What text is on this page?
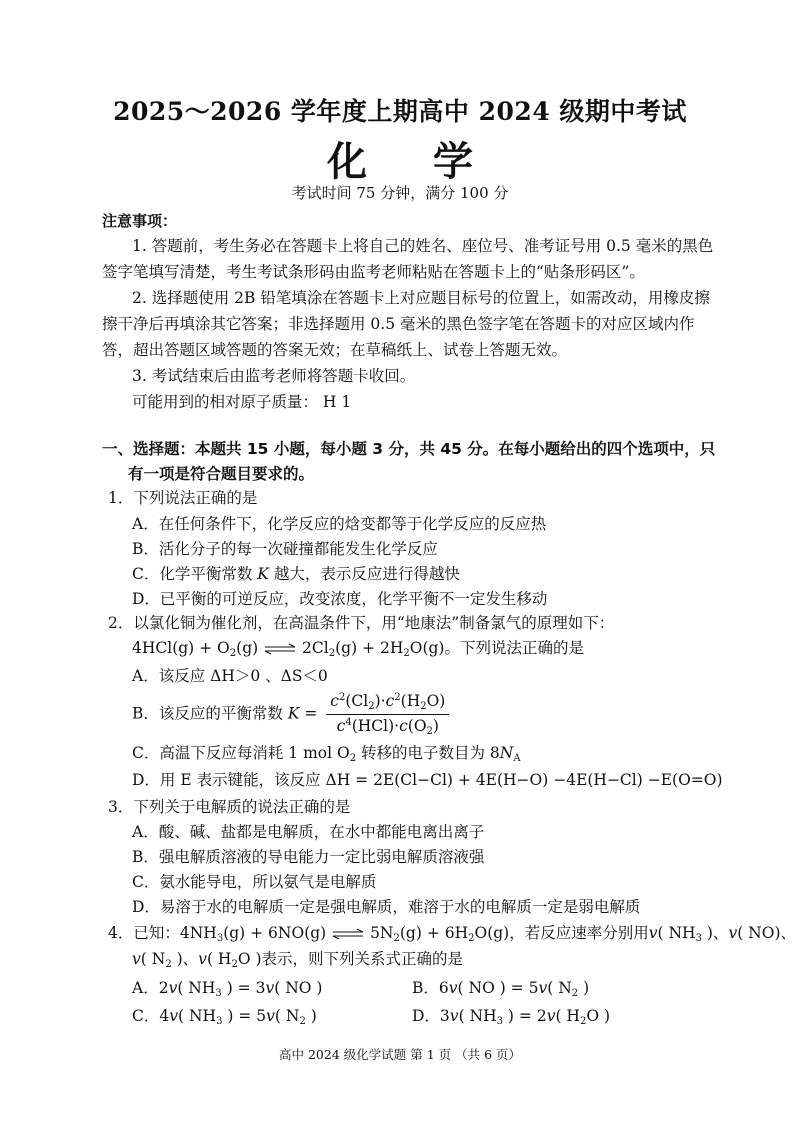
2025～2026 学年度上期高中 2024 级期中考试
化 学
考试时间 75 分钟，满分 100 分
注意事项：
1. 答题前，考生务必在答题卡上将自己的姓名、座位号、准考证号用 0.5 毫米的黑色
签字笔填写清楚，考生考试条形码由监考老师粘贴在答题卡上的“贴条形码区”。
2. 选择题使用 2B 铅笔填涂在答题卡上对应题目标号的位置上，如需改动，用橡皮擦
擦干净后再填涂其它答案；非选择题用 0.5 毫米的黑色签字笔在答题卡的对应区域内作
答，超出答题区域答题的答案无效；在草稿纸上、试卷上答题无效。
3. 考试结束后由监考老师将答题卡收回。
可能用到的相对原子质量： H 1
一、选择题：本题共 15 小题，每小题 3 分，共 45 分。在每小题给出的四个选项中，只
有一项是符合题目要求的。
1．下列说法正确的是
A．在任何条件下，化学反应的焓变都等于化学反应的反应热
B．活化分子的每一次碰撞都能发生化学反应
C．化学平衡常数 K 越大，表示反应进行得越快
D．已平衡的可逆反应，改变浓度，化学平衡不一定发生移动
2．以氯化铜为催化剂，在高温条件下，用“地康法”制备氯气的原理如下：
$4HCl(g) + O_2(g)$ ⇌ $2Cl_2(g) + 2H_2O(g)$。下列说法正确的是
A．该反应 ΔH＞0 、ΔS＜0
B．该反应的平衡常数 $K = \frac{c^2(Cl_2)\cdot c^2(H_2O)}{c^4(HCl)\cdot c(O_2)}$
C．高温下反应每消耗 1 mol $O_2$ 转移的电子数目为 $8N_A$
D．用 E 表示键能，该反应 ΔH = 2E(Cl−Cl) + 4E(H−O) −4E(H−Cl) −E(O=O)
3．下列关于电解质的说法正确的是
A．酸、碱、盐都是电解质，在水中都能电离出离子
B．强电解质溶液的导电能力一定比弱电解质溶液强
C．氨水能导电，所以氨气是电解质
D．易溶于水的电解质一定是强电解质，难溶于水的电解质一定是弱电解质
4．已知：$4NH_3(g) + 6NO(g)$ ⇌ $5N_2(g) + 6H_2O(g)$，若反应速率分别用v( $NH_3$ )、v( NO)、
v( $N_2$ )、v( $H_2O$ )表示，则下列关系式正确的是
A．2v( $NH_3$ ) = 3v( NO )	B．6v( NO ) = 5v( $N_2$ )
C．4v( $NH_3$ ) = 5v( $N_2$ )	D．3v( $NH_3$ ) = 2v( $H_2O$ )
高中 2024 级化学试题 第 1 页 （共 6 页）
